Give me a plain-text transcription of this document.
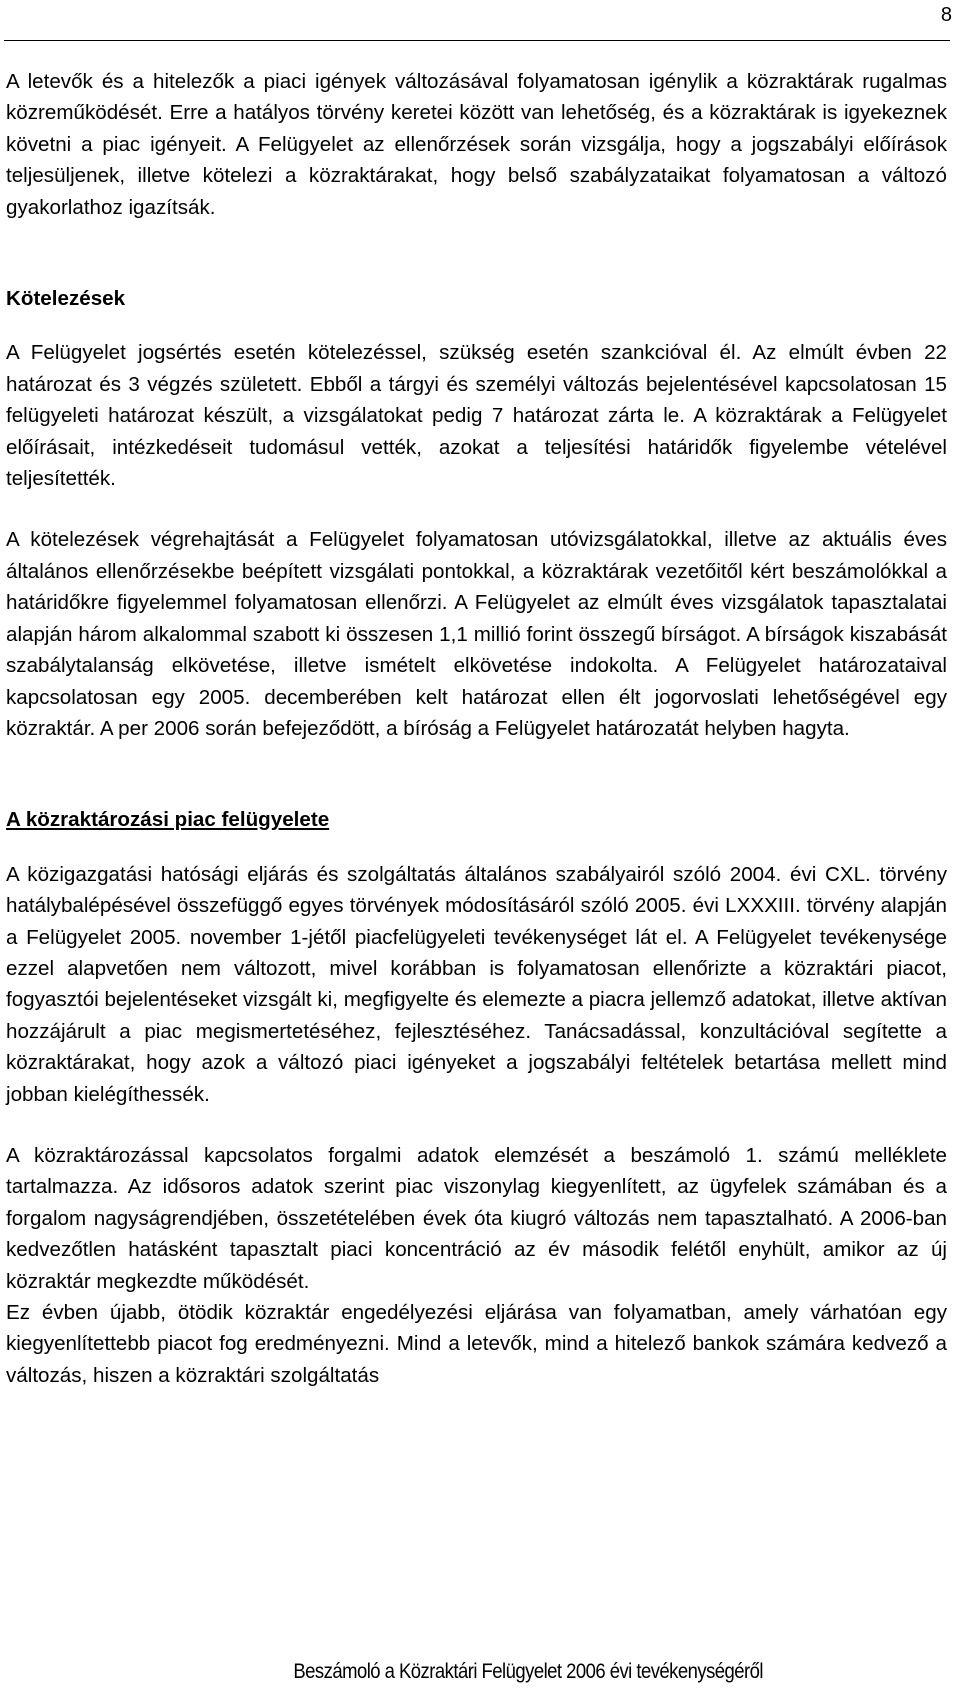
8

A letevők és a hitelezők a piaci igények változásával folyamatosan igénylik a közraktárak rugalmas közreműködését. Erre a hatályos törvény keretei között van lehetőség, és a közraktárak is igyekeznek követni a piac igényeit. A Felügyelet az ellenőrzések során vizsgálja, hogy a jogszabályi előírások teljesüljenek, illetve kötelezi a közraktárakat, hogy belső szabályzataikat folyamatosan a változó gyakorlathoz igazítsák.

Kötelezések

A Felügyelet jogsértés esetén kötelezéssel, szükség esetén szankcióval él. Az elmúlt évben 22 határozat és 3 végzés született. Ebből a tárgyi és személyi változás bejelentésével kapcsolatosan 15 felügyeleti határozat készült, a vizsgálatokat pedig 7 határozat zárta le. A közraktárak a Felügyelet előírásait, intézkedéseit tudomásul vették, azokat a teljesítési határidők figyelembe vételével teljesítették.

A kötelezések végrehajtását a Felügyelet folyamatosan utóvizsgálatokkal, illetve az aktuális éves általános ellenőrzésekbe beépített vizsgálati pontokkal, a közraktárak vezetőitől kért beszámolókkal a határidőkre figyelemmel folyamatosan ellenőrzi. A Felügyelet az elmúlt éves vizsgálatok tapasztalatai alapján három alkalommal szabott ki összesen 1,1 millió forint összegű bírságot. A bírságok kiszabását szabálytalanság elkövetése, illetve ismételt elkövetése indokolta. A Felügyelet határozataival kapcsolatosan egy 2005. decemberében kelt határozat ellen élt jogorvoslati lehetőségével egy közraktár. A per 2006 során befejeződött, a bíróság a Felügyelet határozatát helyben hagyta.

A közraktározási piac felügyelete

A közigazgatási hatósági eljárás és szolgáltatás általános szabályairól szóló 2004. évi CXL. törvény hatálybalépésével összefüggő egyes törvények módosításáról szóló 2005. évi LXXXIII. törvény alapján a Felügyelet 2005. november 1-jétől piacfelügyeleti tevékenységet lát el. A Felügyelet tevékenysége ezzel alapvetően nem változott, mivel korábban is folyamatosan ellenőrizte a közraktári piacot, fogyasztói bejelentéseket vizsgált ki, megfigyelte és elemezte a piacra jellemző adatokat, illetve aktívan hozzájárult a piac megismertetéséhez, fejlesztéséhez. Tanácsadással, konzultációval segítette a közraktárakat, hogy azok a változó piaci igényeket a jogszabályi feltételek betartása mellett mind jobban kielégíthessék.

A közraktározással kapcsolatos forgalmi adatok elemzését a beszámoló 1. számú melléklete tartalmazza. Az idősoros adatok szerint piac viszonylag kiegyenlített, az ügyfelek számában és a forgalom nagyságrendjében, összetételében évek óta kiugró változás nem tapasztalható. A 2006-ban kedvezőtlen hatásként tapasztalt piaci koncentráció az év második felétől enyhült, amikor az új közraktár megkezdte működését.

Ez évben újabb, ötödik közraktár engedélyezési eljárása van folyamatban, amely várhatóan egy kiegyenlítettebb piacot fog eredményezni. Mind a letevők, mind a hitelező bankok számára kedvező a változás, hiszen a közraktári szolgáltatás

Beszámoló a Közraktári Felügyelet 2006 évi tevékenységéről
